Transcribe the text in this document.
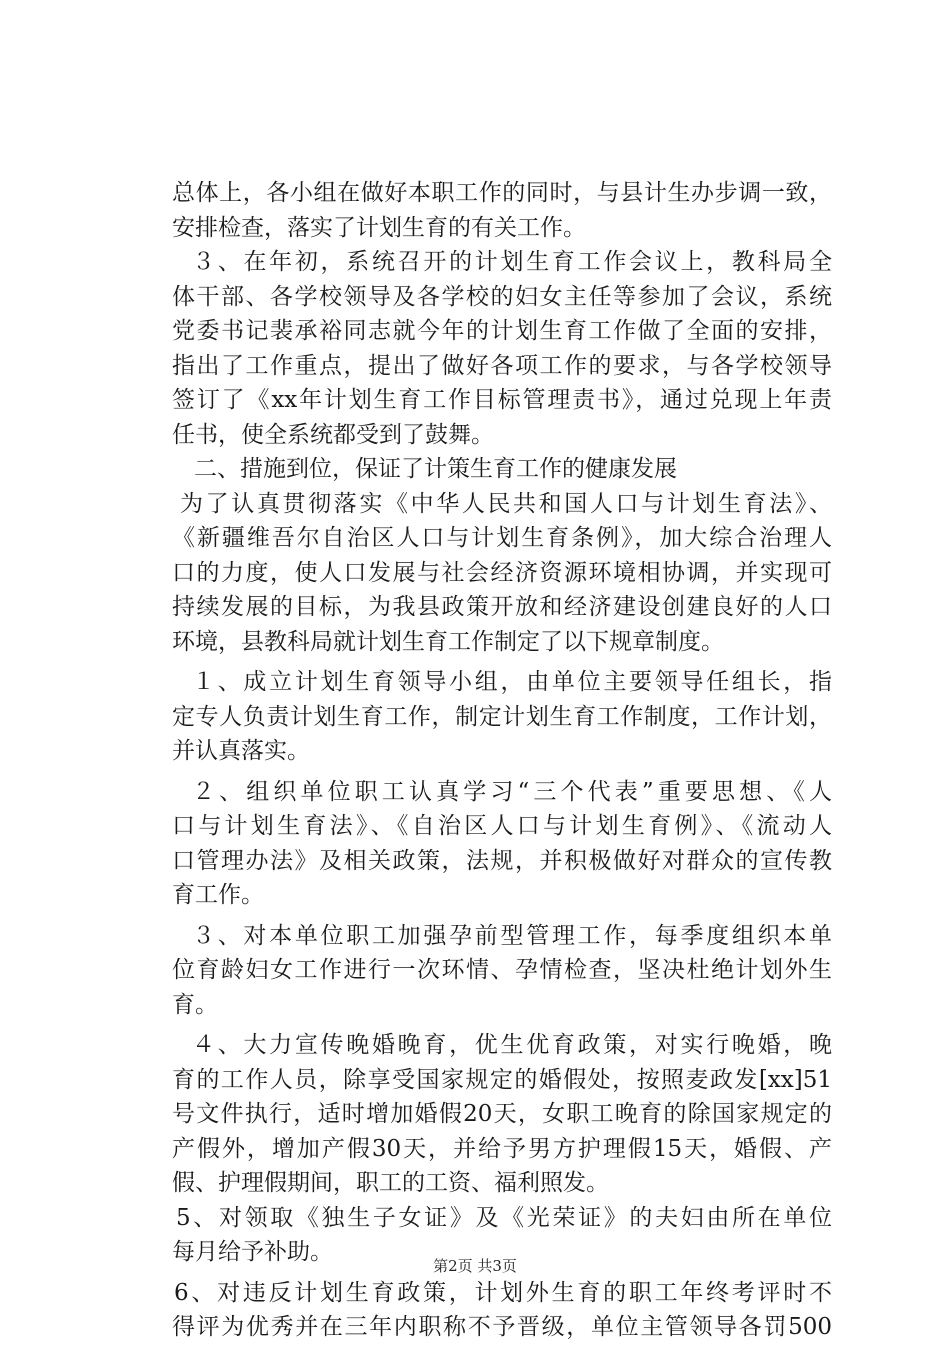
总体上，各小组在做好本职工作的同时，与县计生办步调一致，
安排检查，落实了计划生育的有关工作。
３、在年初，系统召开的计划生育工作会议上，教科局全
体干部、各学校领导及各学校的妇女主任等参加了会议，系统
党委书记裴承裕同志就今年的计划生育工作做了全面的安排，
指出了工作重点，提出了做好各项工作的要求，与各学校领导
签订了《xx年计划生育工作目标管理责书》，通过兑现上年责
任书，使全系统都受到了鼓舞。
二、措施到位，保证了计策生育工作的健康发展
为了认真贯彻落实《中华人民共和国人口与计划生育法》、
《新疆维吾尔自治区人口与计划生育条例》，加大综合治理人
口的力度，使人口发展与社会经济资源环境相协调，并实现可
持续发展的目标，为我县政策开放和经济建设创建良好的人口
环境，县教科局就计划生育工作制定了以下规章制度。
１、成立计划生育领导小组，由单位主要领导任组长，指
定专人负责计划生育工作，制定计划生育工作制度，工作计划，
并认真落实。
２、组织单位职工认真学习“三个代表”重要思想、《人
口与计划生育法》、《自治区人口与计划生育例》、《流动人
口管理办法》及相关政策，法规，并积极做好对群众的宣传教
育工作。
３、对本单位职工加强孕前型管理工作，每季度组织本单
位育龄妇女工作进行一次环情、孕情检查，坚决杜绝计划外生
育。
４、大力宣传晚婚晚育，优生优育政策，对实行晚婚，晚
育的工作人员，除享受国家规定的婚假处，按照麦政发[xx]51
号文件执行，适时增加婚假20天，女职工晚育的除国家规定的
产假外，增加产假30天，并给予男方护理假15天，婚假、产
假、护理假期间，职工的工资、福利照发。
5、对领取《独生子女证》及《光荣证》的夫妇由所在单位
每月给予补助。
6、对违反计划生育政策，计划外生育的职工年终考评时不
得评为优秀并在三年内职称不予晋级，单位主管领导各罚500
第2页 共3页
